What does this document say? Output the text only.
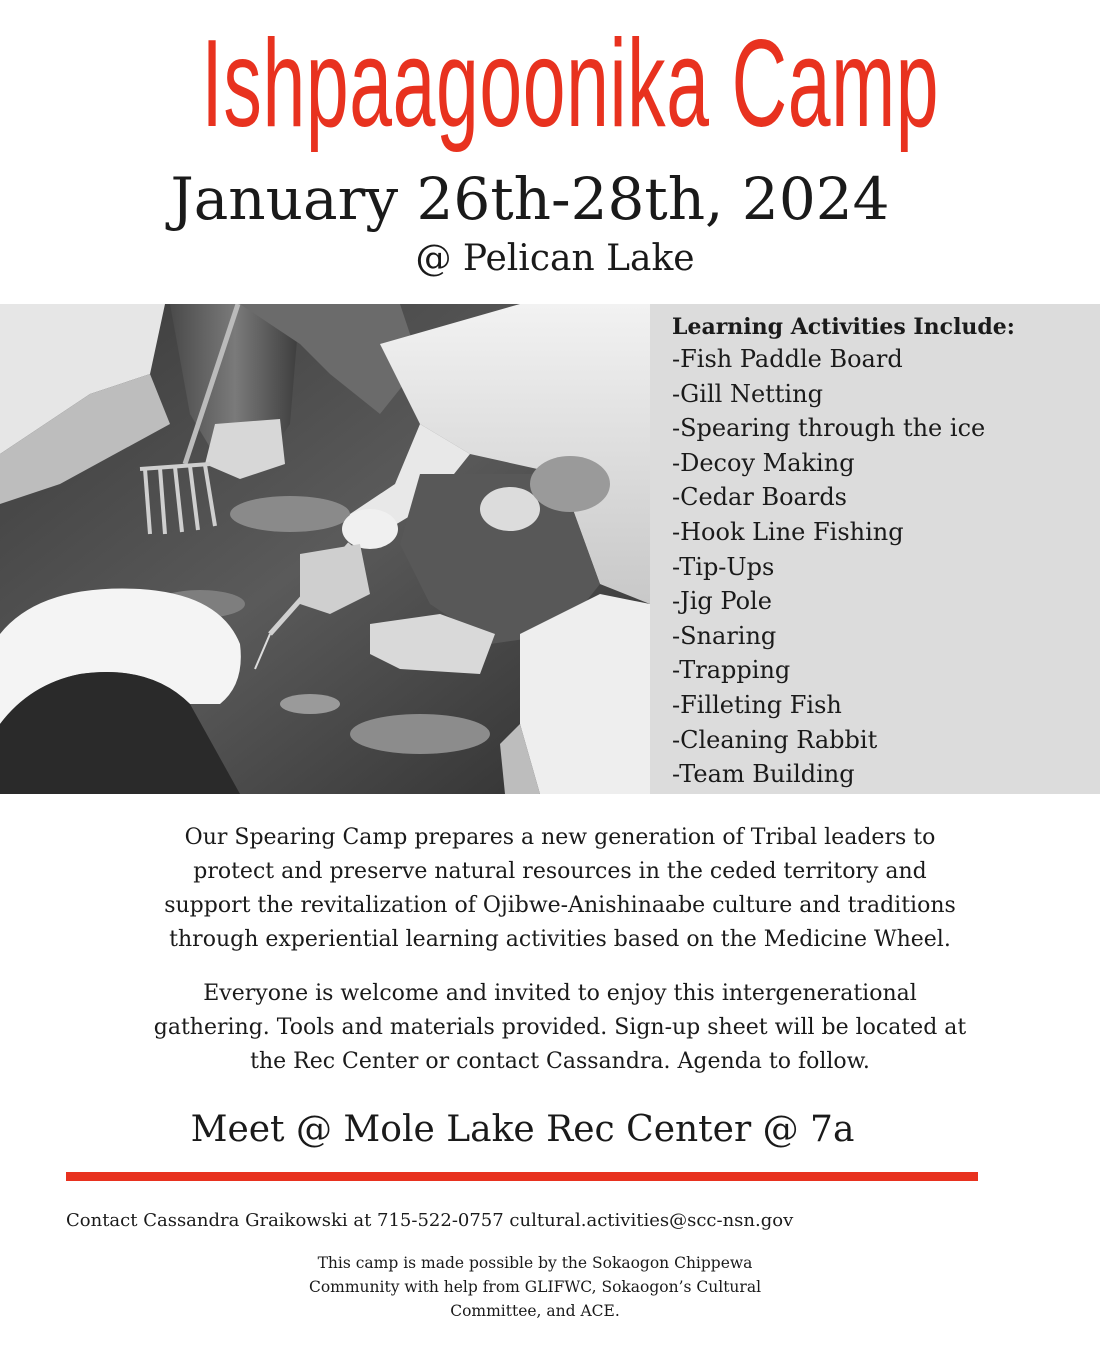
Ishpaagoonika Camp
January 26th-28th, 2024
@ Pelican Lake
Learning Activities Include:
-Fish Paddle Board
-Gill Netting
-Spearing through the ice
-Decoy Making
-Cedar Boards
-Hook Line Fishing
-Tip-Ups
-Jig Pole
-Snaring
-Trapping
-Filleting Fish
-Cleaning Rabbit
-Team Building
Our Spearing Camp prepares a new generation of Tribal leaders to
protect and preserve natural resources in the ceded territory and
support the revitalization of Ojibwe-Anishinaabe culture and traditions
through experiential learning activities based on the Medicine Wheel.
Everyone is welcome and invited to enjoy this intergenerational
gathering. Tools and materials provided. Sign-up sheet will be located at
the Rec Center or contact Cassandra. Agenda to follow.
Meet @ Mole Lake Rec Center @ 7a
Contact Cassandra Graikowski at 715-522-0757 cultural.activities@scc-nsn.gov
This camp is made possible by the Sokaogon Chippewa
Community with help from GLIFWC, Sokaogon’s Cultural
Committee, and ACE.
